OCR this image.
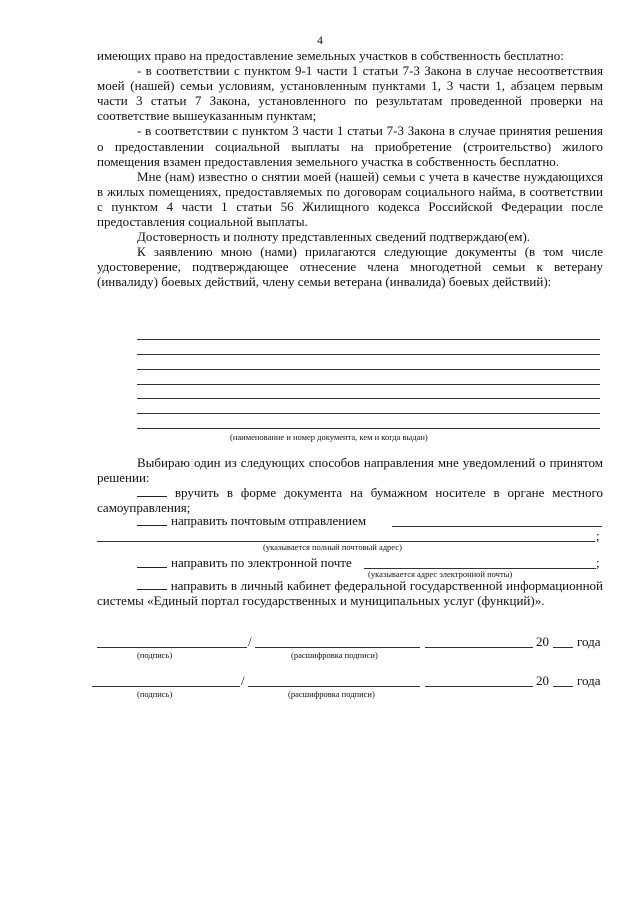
4

имеющих право на предоставление земельных участков в собственность бесплатно:

- в соответствии с пунктом 9-1 части 1 статьи 7-3 Закона в случае несоответствия моей (нашей) семьи условиям, установленным пунктами 1, 3 части 1, абзацем первым части 3 статьи 7 Закона, установленного по результатам проведенной проверки на соответствие вышеуказанным пунктам;

- в соответствии с пунктом 3 части 1 статьи 7-3 Закона в случае принятия решения о предоставлении социальной выплаты на приобретение (строительство) жилого помещения взамен предоставления земельного участка в собственность бесплатно.

Мне (нам) известно о снятии моей (нашей) семьи с учета в качестве нуждающихся в жилых помещениях, предоставляемых по договорам социального найма, в соответствии с пунктом 4 части 1 статьи 56 Жилищного кодекса Российской Федерации после предоставления социальной выплаты.

Достоверность и полноту представленных сведений подтверждаю(ем).

К заявлению мною (нами) прилагаются следующие документы (в том числе удостоверение, подтверждающее отнесение члена многодетной семьи к ветерану (инвалиду) боевых действий, члену семьи ветерана (инвалида) боевых действий):

(наименование и номер документа, кем и когда выдан)

Выбираю один из следующих способов направления мне уведомлений о принятом решении:

вручить в форме документа на бумажном носителе в органе местного самоуправления;

направить почтовым отправлением
;
(указывается полный почтовый адрес)
направить по электронной почте	;
(указывается адрес электронной почты)

направить в личный кабинет федеральной государственной информационной системы «Единый портал государственных и муниципальных услуг (функций)».

/	20 года
(подпись)	(расшифровка подписи)
/	20 года
(подпись)	(расшифровка подписи)
